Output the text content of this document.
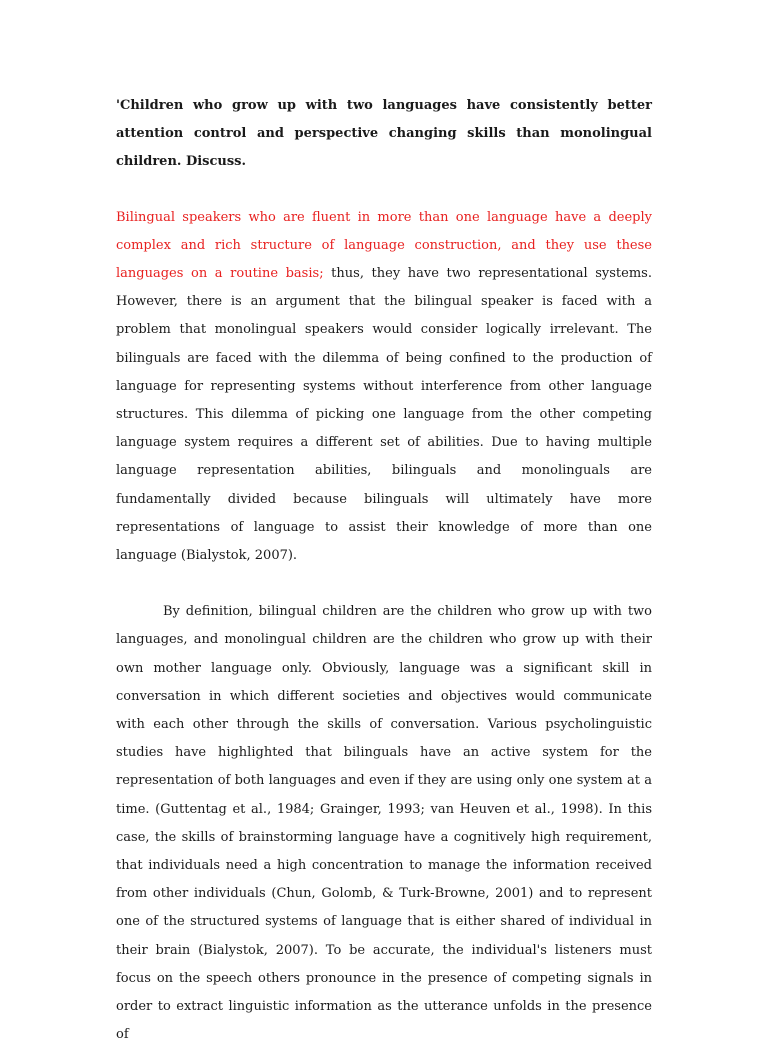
'Children who grow up with two languages have consistently better attention control and perspective changing skills than monolingual children. Discuss.

Bilingual speakers who are fluent in more than one language have a deeply complex and rich structure of language construction, and they use these languages on a routine basis; thus, they have two representational systems. However, there is an argument that the bilingual speaker is faced with a problem that monolingual speakers would consider logically irrelevant. The bilinguals are faced with the dilemma of being confined to the production of language for representing systems without interference from other language structures. This dilemma of picking one language from the other competing language system requires a different set of abilities. Due to having multiple language representation abilities, bilinguals and monolinguals are fundamentally divided because bilinguals will ultimately have more representations of language to assist their knowledge of more than one language (Bialystok, 2007).

By definition, bilingual children are the children who grow up with two languages, and monolingual children are the children who grow up with their own mother language only. Obviously, language was a significant skill in conversation in which different societies and objectives would communicate with each other through the skills of conversation. Various psycholinguistic studies have highlighted that bilinguals have an active system for the representation of both languages and even if they are using only one system at a time. (Guttentag et al., 1984; Grainger, 1993; van Heuven et al., 1998). In this case, the skills of brainstorming language have a cognitively high requirement, that individuals need a high concentration to manage the information received from other individuals (Chun, Golomb, & Turk-Browne, 2001) and to represent one of the structured systems of language that is either shared of individual in their brain (Bialystok, 2007). To be accurate, the individual's listeners must focus on the speech others pronounce in the presence of competing signals in order to extract linguistic information as the utterance unfolds in the presence of
